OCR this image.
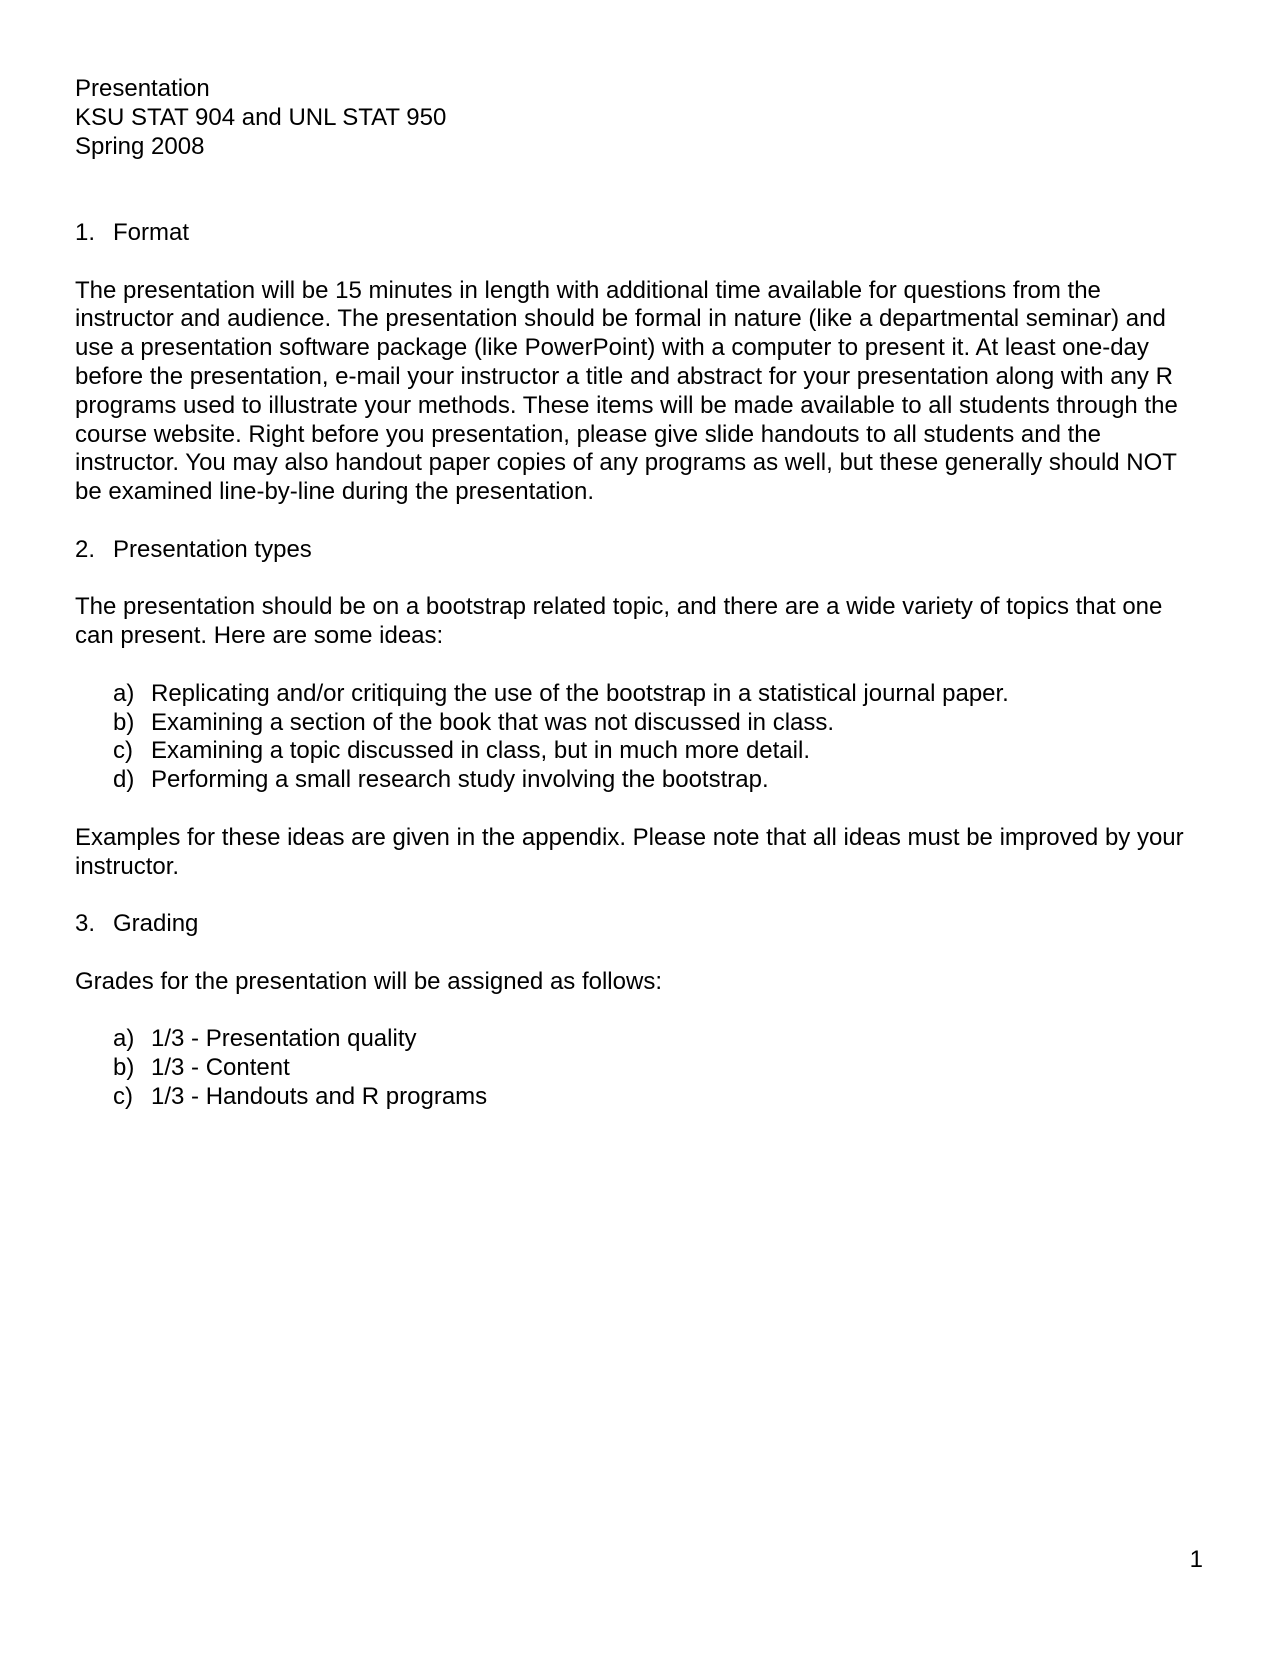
Presentation
KSU STAT 904 and UNL STAT 950
Spring 2008
1. Format
The presentation will be 15 minutes in length with additional time available for questions from the instructor and audience. The presentation should be formal in nature (like a departmental seminar) and use a presentation software package (like PowerPoint) with a computer to present it. At least one-day before the presentation, e-mail your instructor a title and abstract for your presentation along with any R programs used to illustrate your methods. These items will be made available to all students through the course website. Right before you presentation, please give slide handouts to all students and the instructor. You may also handout paper copies of any programs as well, but these generally should NOT be examined line-by-line during the presentation.
2. Presentation types
The presentation should be on a bootstrap related topic, and there are a wide variety of topics that one can present. Here are some ideas:
a) Replicating and/or critiquing the use of the bootstrap in a statistical journal paper.
b) Examining a section of the book that was not discussed in class.
c) Examining a topic discussed in class, but in much more detail.
d) Performing a small research study involving the bootstrap.
Examples for these ideas are given in the appendix. Please note that all ideas must be improved by your instructor.
3. Grading
Grades for the presentation will be assigned as follows:
a) 1/3 - Presentation quality
b) 1/3 - Content
c) 1/3 - Handouts and R programs
1
